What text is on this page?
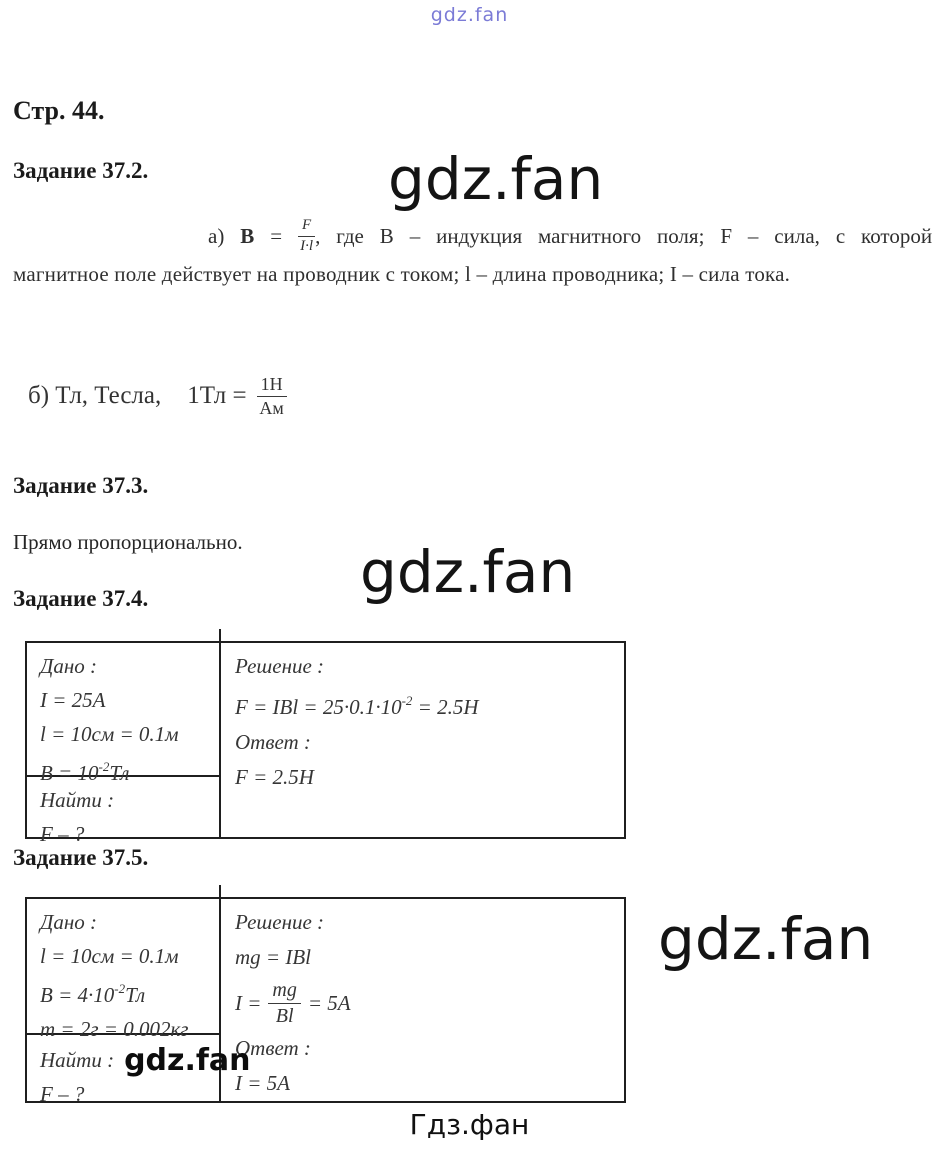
gdz.fan
Стр. 44.
Задание 37.2.	gdz.fan
а) $B = \frac{F}{I\cdot l}$ , где В – индукция магнитного поля; F – сила, с которой
магнитное поле действует на проводник с током; l – длина проводника; I – сила тока.
б) Тл, Тесла, $1Тл = \frac{1Н}{Ам}$
Задание 37.3.
Прямо пропорционально. gdz.fan
Задание 37.4.
Дано :
I = 25А
l = 10см = 0.1м
$B = 10^{-2}Тл$
Найти :
F – ?
Решение :
F = IBl = $25\cdot 0.1\cdot 10^{-2} = 2.5Н$
Ответ :
F = 2.5Н
Задание 37.5.
gdz.fan
Дано :
l = 10см = 0.1м
$B = 4\cdot 10^{-2}Тл$
m = 2г = 0.002кг
Найти : gdz.fan
F – ?
Решение :
mg = IBl
$I = \frac{mg}{Bl} = 5А$
Ответ :
I = 5А
Гдз.фан
